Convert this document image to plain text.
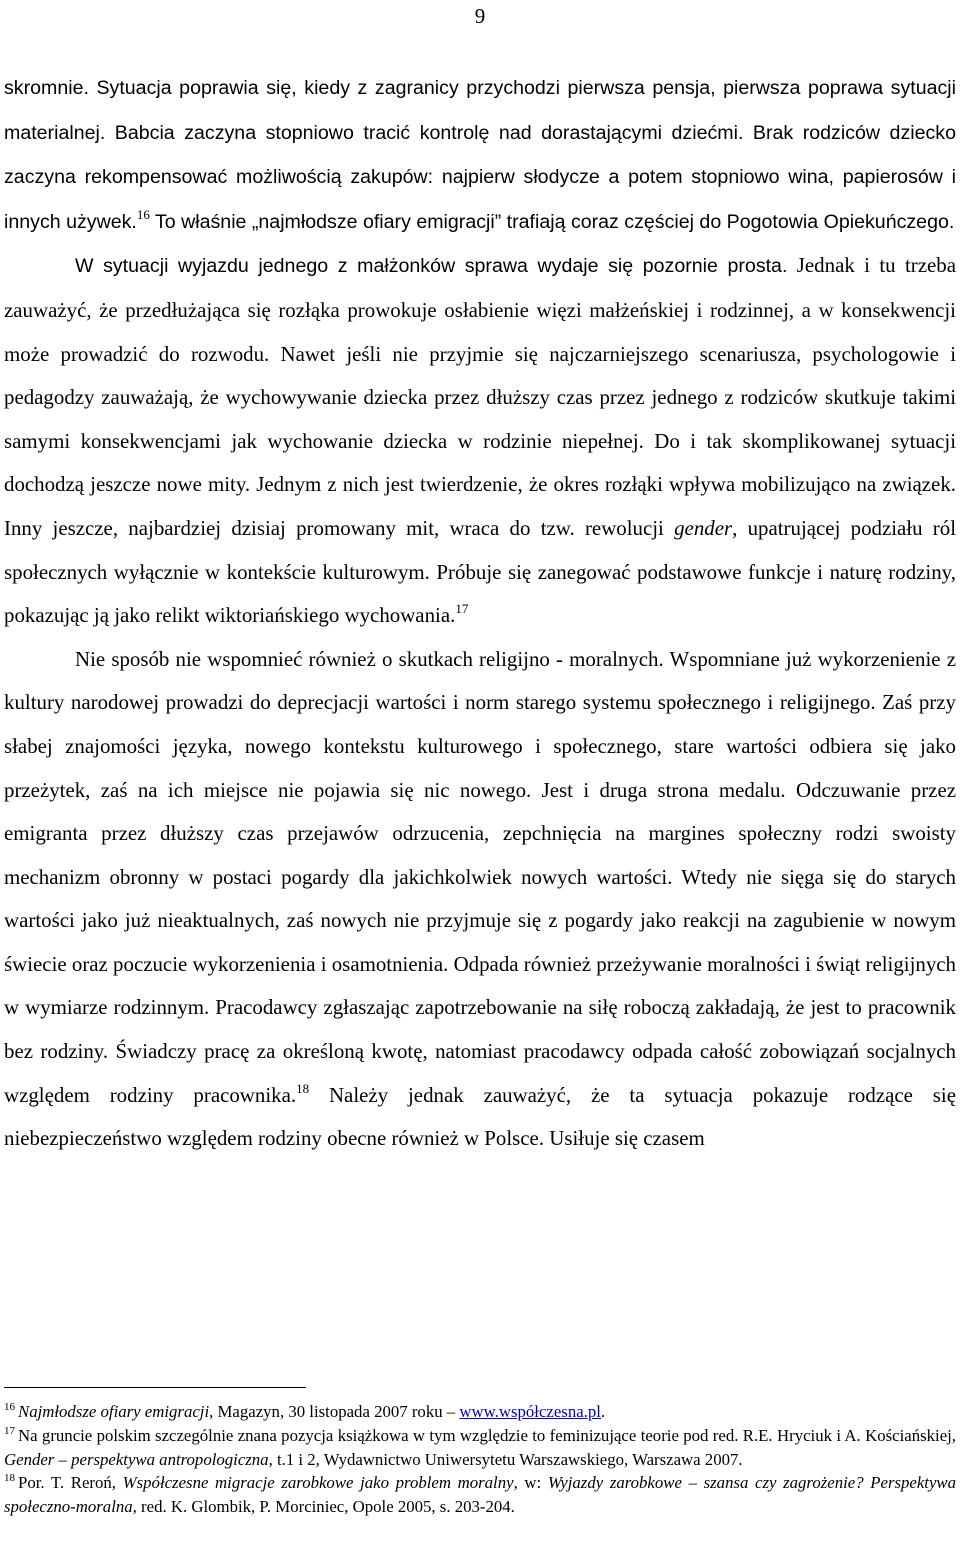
9

skromnie. Sytuacja poprawia się, kiedy z zagranicy przychodzi pierwsza pensja, pierwsza poprawa sytuacji materialnej. Babcia zaczyna stopniowo tracić kontrolę nad dorastającymi dziećmi. Brak rodziców dziecko zaczyna rekompensować możliwością zakupów: najpierw słodycze a potem stopniowo wina, papierosów i innych używek.$^{16}$ To właśnie „najmłodsze ofiary emigracji” trafiają coraz częściej do Pogotowia Opiekuńczego.

W sytuacji wyjazdu jednego z małżonków sprawa wydaje się pozornie prosta. Jednak i tu trzeba zauważyć, że przedłużająca się rozłąka prowokuje osłabienie więzi małżeńskiej i rodzinnej, a w konsekwencji może prowadzić do rozwodu. Nawet jeśli nie przyjmie się najczarniejszego scenariusza, psychologowie i pedagodzy zauważają, że wychowywanie dziecka przez dłuższy czas przez jednego z rodziców skutkuje takimi samymi konsekwencjami jak wychowanie dziecka w rodzinie niepełnej. Do i tak skomplikowanej sytuacji dochodzą jeszcze nowe mity. Jednym z nich jest twierdzenie, że okres rozłąki wpływa mobilizująco na związek. Inny jeszcze, najbardziej dzisiaj promowany mit, wraca do tzw. rewolucji gender, upatrującej podziału ról społecznych wyłącznie w kontekście kulturowym. Próbuje się zanegować podstawowe funkcje i naturę rodziny, pokazując ją jako relikt wiktoriańskiego wychowania.$^{17}$

Nie sposób nie wspomnieć również o skutkach religijno - moralnych. Wspomniane już wykorzenienie z kultury narodowej prowadzi do deprecjacji wartości i norm starego systemu społecznego i religijnego. Zaś przy słabej znajomości języka, nowego kontekstu kulturowego i społecznego, stare wartości odbiera się jako przeżytek, zaś na ich miejsce nie pojawia się nic nowego. Jest i druga strona medalu. Odczuwanie przez emigranta przez dłuższy czas przejawów odrzucenia, zepchnięcia na margines społeczny rodzi swoisty mechanizm obronny w postaci pogardy dla jakichkolwiek nowych wartości. Wtedy nie sięga się do starych wartości jako już nieaktualnych, zaś nowych nie przyjmuje się z pogardy jako reakcji na zagubienie w nowym świecie oraz poczucie wykorzenienia i osamotnienia. Odpada również przeżywanie moralności i świąt religijnych w wymiarze rodzinnym. Pracodawcy zgłaszając zapotrzebowanie na siłę roboczą zakładają, że jest to pracownik bez rodziny. Świadczy pracę za określoną kwotę, natomiast pracodawcy odpada całość zobowiązań socjalnych względem rodziny pracownika.$^{18}$ Należy jednak zauważyć, że ta sytuacja pokazuje rodzące się niebezpieczeństwo względem rodziny obecne również w Polsce. Usiłuje się czasem

$^{16}$ Najmłodsze ofiary emigracji, Magazyn, 30 listopada 2007 roku – www.współczesna.pl.

$^{17}$ Na gruncie polskim szczególnie znana pozycja książkowa w tym względzie to feminizujące teorie pod red. R.E. Hryciuk i A. Kościańskiej, Gender – perspektywa antropologiczna, t.1 i 2, Wydawnictwo Uniwersytetu Warszawskiego, Warszawa 2007.

$^{18}$ Por. T. Reroń, Współczesne migracje zarobkowe jako problem moralny, w: Wyjazdy zarobkowe – szansa czy zagrożenie? Perspektywa społeczno-moralna, red. K. Glombik, P. Morciniec, Opole 2005, s. 203-204.
